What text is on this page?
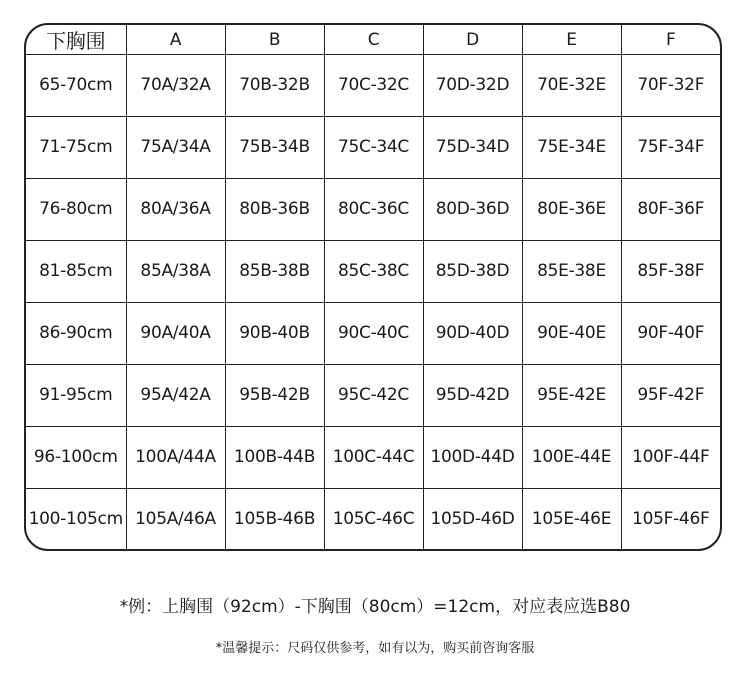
下胸围	A	B	C	D	E	F
65-70cm	70A/32A	70B-32B	70C-32C	70D-32D	70E-32E	70F-32F
71-75cm	75A/34A	75B-34B	75C-34C	75D-34D	75E-34E	75F-34F
76-80cm	80A/36A	80B-36B	80C-36C	80D-36D	80E-36E	80F-36F
81-85cm	85A/38A	85B-38B	85C-38C	85D-38D	85E-38E	85F-38F
86-90cm	90A/40A	90B-40B	90C-40C	90D-40D	90E-40E	90F-40F
91-95cm	95A/42A	95B-42B	95C-42C	95D-42D	95E-42E	95F-42F
96-100cm	100A/44A	100B-44B	100C-44C	100D-44D	100E-44E	100F-44F
100-105cm	105A/46A	105B-46B	105C-46C	105D-46D	105E-46E	105F-46F
*例：上胸围（92cm）-下胸围（80cm）=12cm，对应表应选B80
*温馨提示：尺码仅供参考，如有以为，购买前咨询客服
